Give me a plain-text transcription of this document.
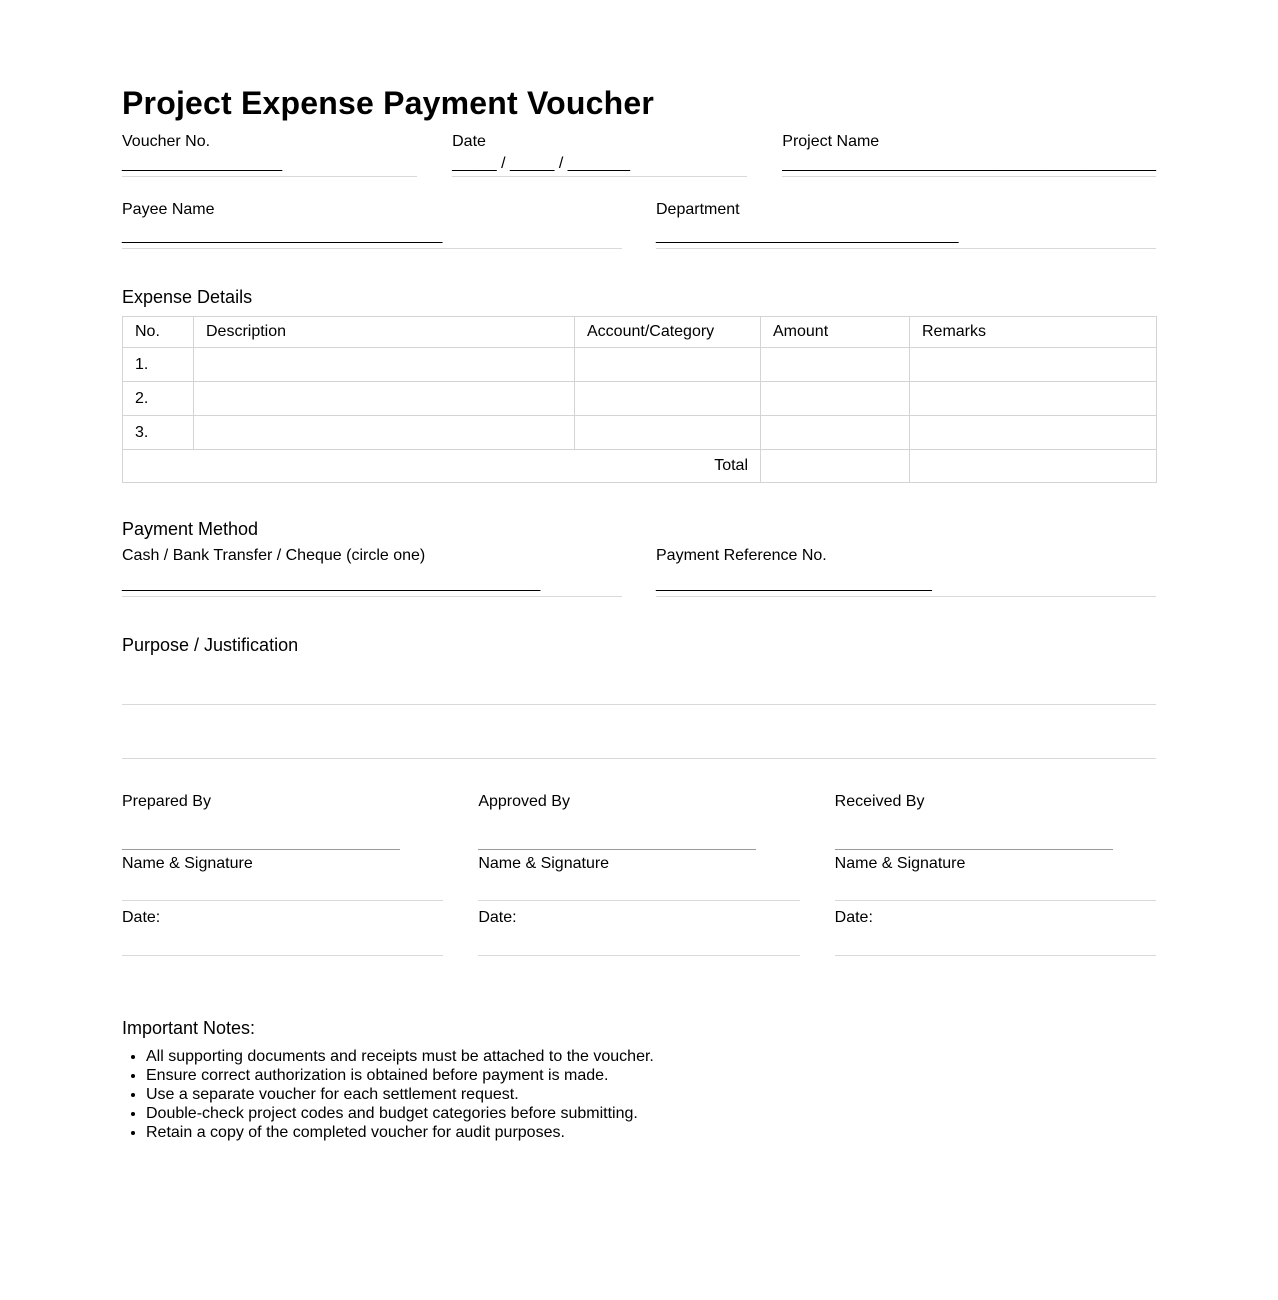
Project Expense Payment Voucher
Voucher No.
__________________
Date
_____ / _____ / _______
Project Name
__________________________________________
Payee Name
____________________________________
Department
__________________________________
Expense Details
No.	Description	Account/Category	Amount	Remarks
1.				
2.				
3.				
Total				
Payment Method
Cash / Bank Transfer / Cheque (circle one)
_______________________________________________
Payment Reference No.
_______________________________
Purpose / Justification
Prepared By
Name & Signature
Date:
Approved By
Name & Signature
Date:
Received By
Name & Signature
Date:
Important Notes:
• All supporting documents and receipts must be attached to the voucher.
• Ensure correct authorization is obtained before payment is made.
• Use a separate voucher for each settlement request.
• Double-check project codes and budget categories before submitting.
• Retain a copy of the completed voucher for audit purposes.
